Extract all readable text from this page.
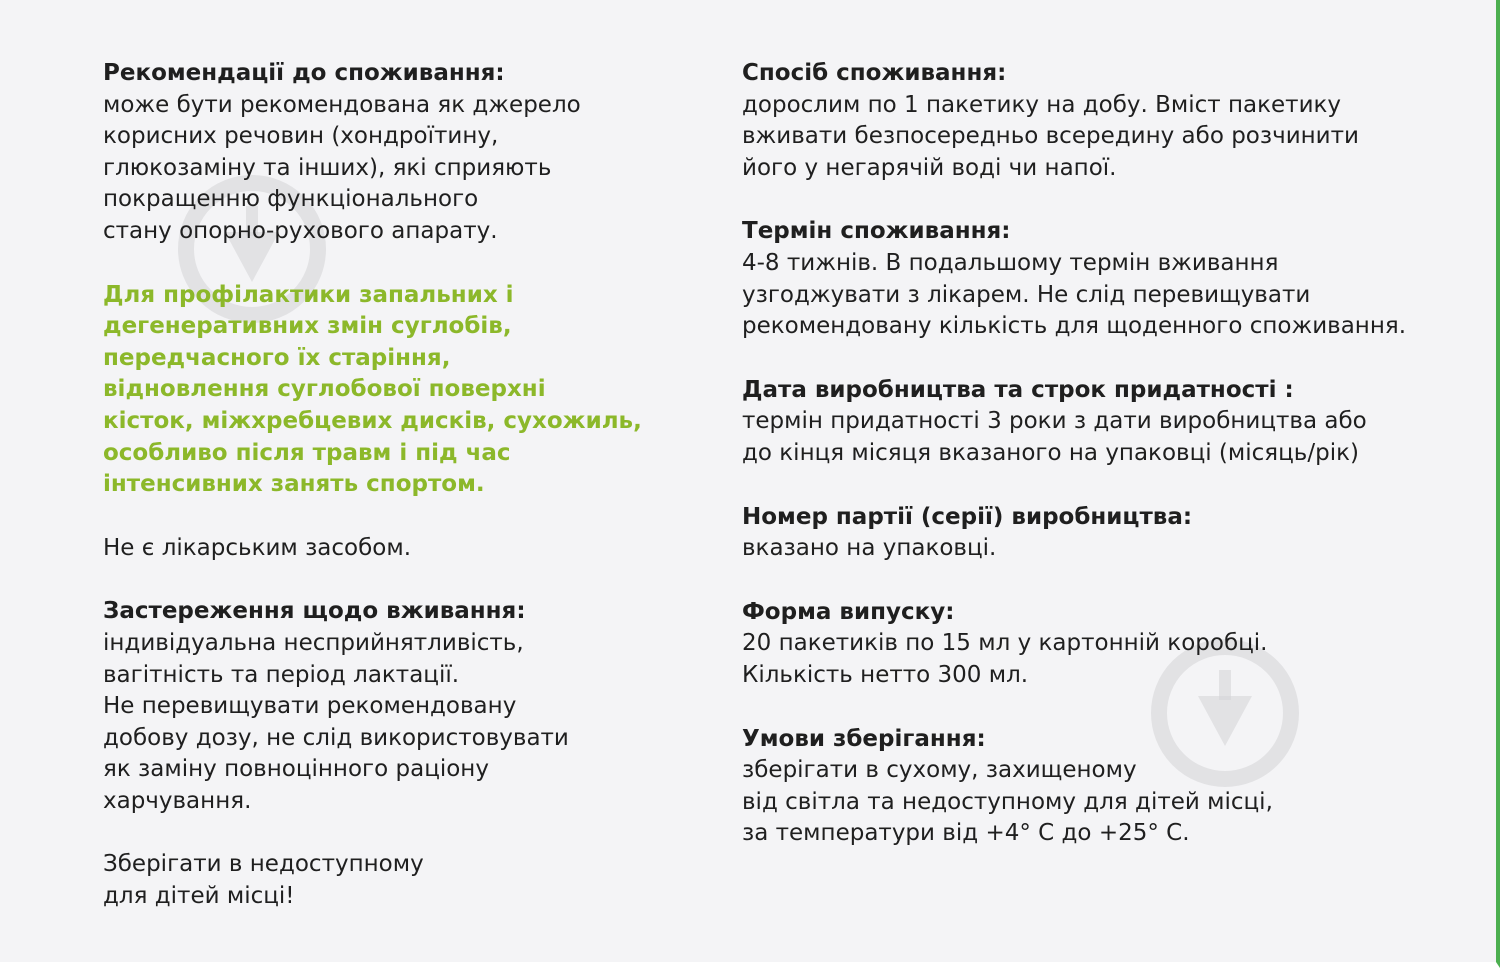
Рекомендації до споживання:

може бути рекомендована як джерело
корисних речовин (хондроїтину,
глюкозаміну та інших), які сприяють
покращенню функціонального
стану опорно-рухового апарату.

Для профілактики запальних і
дегенеративних змін суглобів,
передчасного їх старіння,
відновлення суглобової поверхні
кісток, міжхребцевих дисків, сухожиль,
особливо після травм і під час
інтенсивних занять спортом.

Не є лікарським засобом.

Застереження щодо вживання:

індивідуальна несприйнятливість,
вагітність та період лактації.
Не перевищувати рекомендовану
добову дозу, не слід використовувати
як заміну повноцінного раціону
харчування.

Зберігати в недоступному
для дітей місці!

Спосіб споживання:

дорослим по 1 пакетику на добу. Вміст пакетику
вживати безпосередньо всередину або розчинити
його у негарячій воді чи напої.

Термін споживання:

4-8 тижнів. В подальшому термін вживання
узгоджувати з лікарем. Не слід перевищувати
рекомендовану кількість для щоденного споживання.

Дата виробництва та строк придатності :

термін придатності 3 роки з дати виробництва або
до кінця місяця вказаного на упаковці (місяць/рік)

Номер партії (серії) виробництва:

вказано на упаковці.

Форма випуску:

20 пакетиків по 15 мл у картонній коробці.
Кількість нетто 300 мл.

Умови зберігання:

зберігати в сухому, захищеному
від світла та недоступному для дітей місці,
за температури від +4° С до +25° С.
